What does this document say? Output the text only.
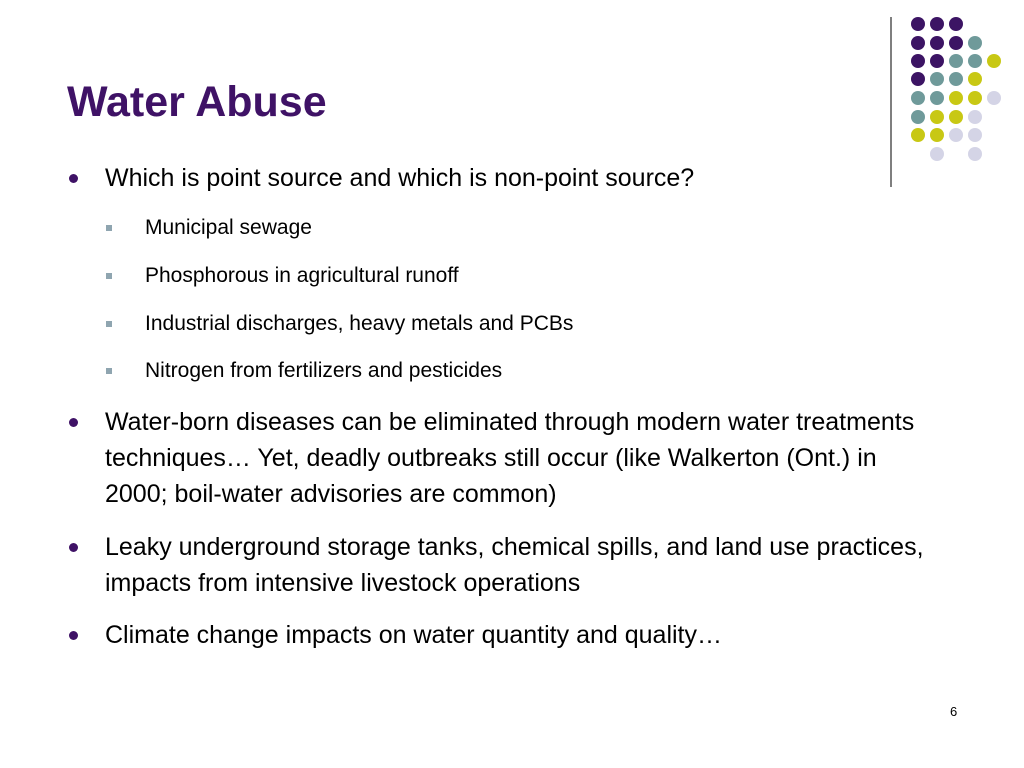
Water Abuse
Which is point source and which is non-point source?
Municipal sewage
Phosphorous in agricultural runoff
Industrial discharges, heavy metals and PCBs
Nitrogen from fertilizers and pesticides
Water-born diseases can be eliminated through modern water treatments techniques… Yet, deadly outbreaks still occur (like Walkerton (Ont.) in 2000; boil-water advisories are common)
Leaky underground storage tanks, chemical spills, and land use practices, impacts from intensive livestock operations
Climate change impacts on water quantity and quality…
6
